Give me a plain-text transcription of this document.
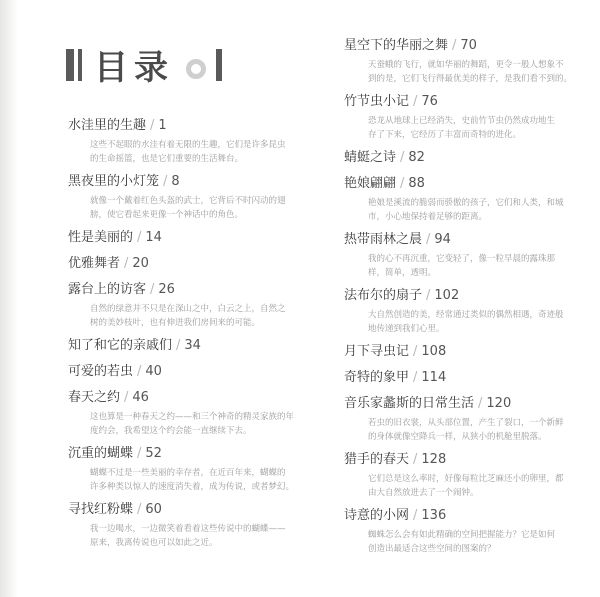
目录
水洼里的生趣 / 1
这些不起眼的水洼有着无限的生趣，它们是许多昆虫
的生命摇篮，也是它们重要的生活舞台。
黑夜里的小灯笼 / 8
就像一个戴着红色头盔的武士，它背后不时闪动的翅
膀，使它看起来更像一个神话中的角色。
性是美丽的 / 14
优雅舞者 / 20
露台上的访客 / 26
自然的绿意并不只是在深山之中，白云之上，自然之
树的美妙枝叶，也有伸进我们房间来的可能。
知了和它的亲戚们 / 34
可爱的若虫 / 40
春天之约 / 46
这也算是一种春天之约——和三个神奇的精灵家族的年
度约会，我希望这个约会能一直继续下去。
沉重的蝴蝶 / 52
蝴蝶不过是一些美丽的幸存者，在近百年来，蝴蝶的
许多种类以惊人的速度消失着，成为传说，或者梦幻。
寻找红粉蝶 / 60
我一边喝水，一边微笑着看着这些传说中的蝴蝶——
原来，我离传说也可以如此之近。
星空下的华丽之舞 / 70
天蚕蛾的飞行，就如华丽的舞蹈，更令一般人想象不
到的是，它们飞行得最优美的样子，是我们看不到的。
竹节虫小记 / 76
恐龙从地球上已经消失，史前竹节虫仍然成功地生
存了下来，它经历了丰富而奇特的进化。
蜻蜓之诗 / 82
艳娘翩翩 / 88
艳娘是溪流的脆弱而骄傲的孩子，它们和人类，和城
市，小心地保持着足够的距离。
热带雨林之晨 / 94
我的心不再沉重，它变轻了，像一粒早晨的露珠那
样，简单，透明。
法布尔的扇子 / 102
大自然创造的美，经常通过类似的偶然相遇，奇迹般
地传递到我们心里。
月下寻虫记 / 108
奇特的象甲 / 114
音乐家蠡斯的日常生活 / 120
若虫的旧衣裳，从头部位置，产生了裂口，一个新鲜
的身体就像空降兵一样，从狭小的机舱里脱落。
猎手的春天 / 128
它们总是这么率时，好像每粒比芝麻还小的卵里，都
由大自然放进去了一个闹钟。
诗意的小网 / 136
蜘蛛怎么会有如此精确的空间把握能力？它是如何
创造出最适合这些空间的图案的？
